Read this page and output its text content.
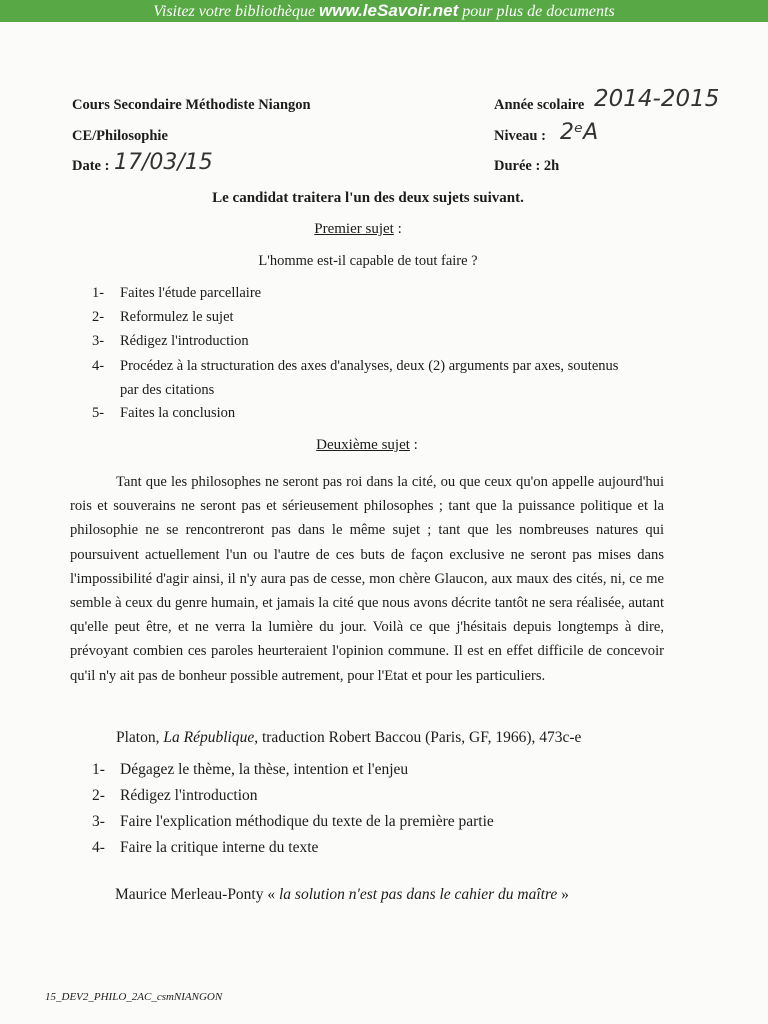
Visitez votre bibliothèque www.leSavoir.net pour plus de documents
Cours Secondaire Méthodiste Niangon
CE/Philosophie
Date : 17/03/15
Année scolaire 2014-2015
Niveau : 2ᵉA
Durée : 2h
Le candidat traitera l'un des deux sujets suivant.
Premier sujet :
L'homme est-il capable de tout faire ?
1- Faites l'étude parcellaire
2- Reformulez le sujet
3- Rédigez l'introduction
4- Procédez à la structuration des axes d'analyses, deux (2) arguments par axes, soutenus
par des citations
5- Faites la conclusion
Deuxième sujet :
Tant que les philosophes ne seront pas roi dans la cité, ou que ceux qu'on appelle aujourd'hui rois et souverains ne seront pas et sérieusement philosophes ; tant que la puissance politique et la philosophie ne se rencontreront pas dans le même sujet ; tant que les nombreuses natures qui poursuivent actuellement l'un ou l'autre de ces buts de façon exclusive ne seront pas mises dans l'impossibilité d'agir ainsi, il n'y aura pas de cesse, mon chère Glaucon, aux maux des cités, ni, ce me semble à ceux du genre humain, et jamais la cité que nous avons décrite tantôt ne sera réalisée, autant qu'elle peut être, et ne verra la lumière du jour. Voilà ce que j'hésitais depuis longtemps à dire, prévoyant combien ces paroles heurteraient l'opinion commune. Il est en effet difficile de concevoir qu'il n'y ait pas de bonheur possible autrement, pour l'Etat et pour les particuliers.
Platon, La République, traduction Robert Baccou (Paris, GF, 1966), 473c-e
1- Dégagez le thème, la thèse, intention et l'enjeu
2- Rédigez l'introduction
3- Faire l'explication méthodique du texte de la première partie
4- Faire la critique interne du texte
Maurice Merleau-Ponty « la solution n'est pas dans le cahier du maître »
15_DEV2_PHILO_2AC_csmNIANGON
